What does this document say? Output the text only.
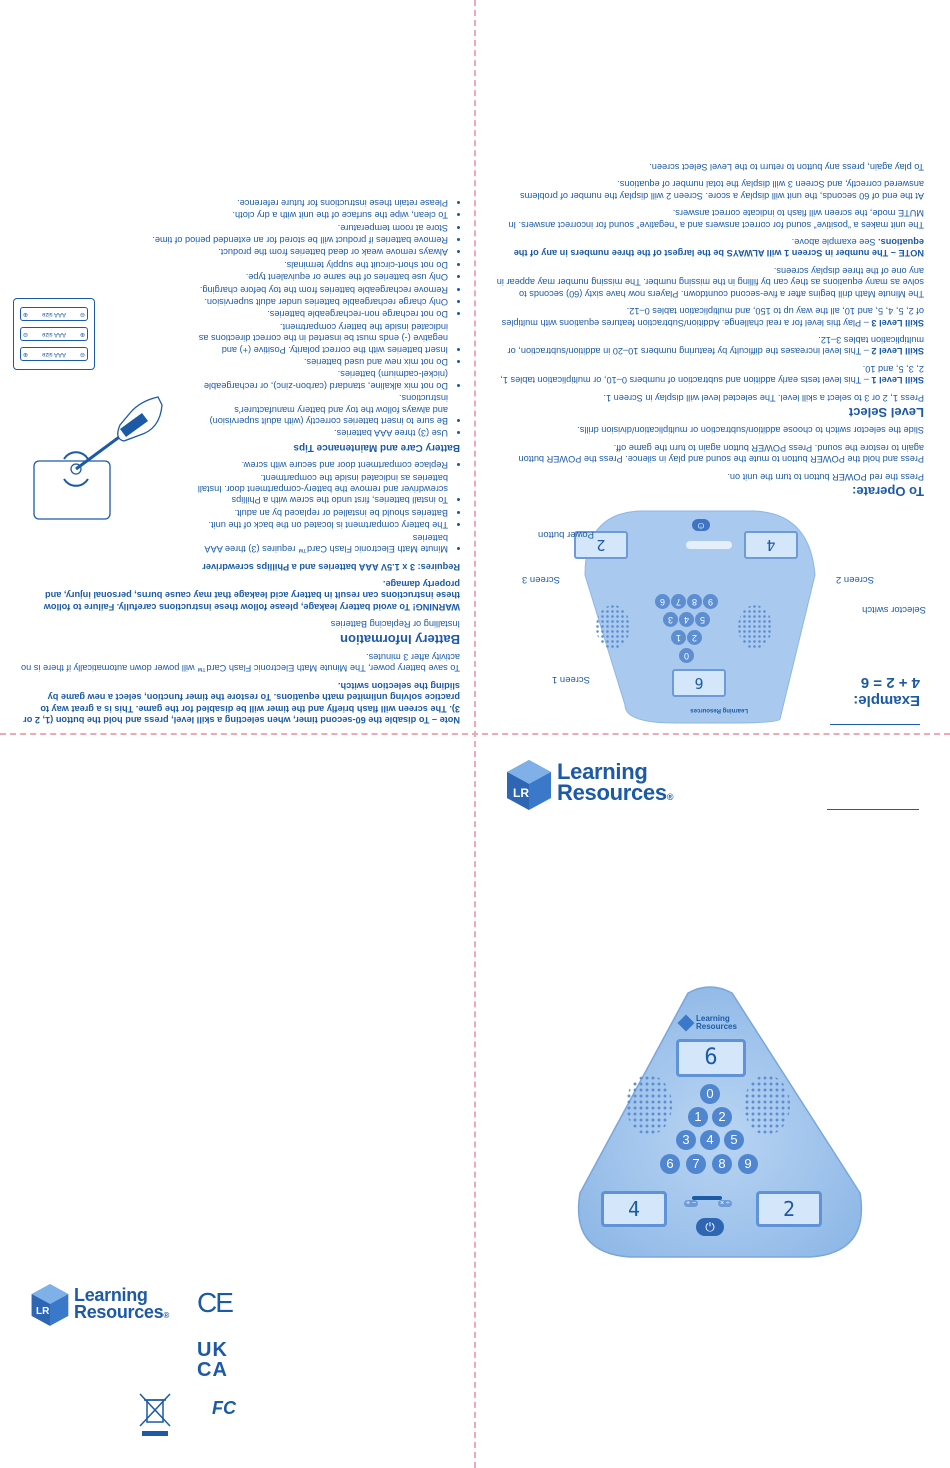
Example:
4 + 2 = 6
Learning Resources
6
0
2
1
5
4
3
9
8
7
6
4
2
⏻
Screen 1
Selector switch
Screen 3	Screen 2
Power button
To Operate:

Press the red POWER button to turn the unit on.

Press and hold the POWER button to mute the sound and play in silence. Press the POWER button again to restore the sound. Press POWER button again to turn the game off.

Slide the selector switch to choose addition/subtraction or multiplication/division drills.

Level Select

Press 1, 2 or 3 to select a skill level. The selected level will display in Screen 1.

Skill Level 1 – This level tests early addition and subtraction of numbers 0–10, or multiplication tables 1, 2, 3, 5, and 10.

Skill Level 2 – This level increases the difficulty by featuring numbers 10–20 in addition/subtraction, or multiplication tables 3–12.

Skill Level 3 – Play this level for a real challenge. Addition/Subtraction features equations with multiples of 2, 5, 4, 5, and 10, all the way up to 150, and multiplication tables 0–12.

The Minute Math drill begins after a five-second countdown. Players now have sixty (60) seconds to solve as many equations as they can by filling in the missing number. The missing number may appear in any one of the three display screens.

NOTE – The number in Screen 1 will ALWAYS be the largest of the three numbers in any of the equations. See example above.

The unit makes a “positive” sound for correct answers and a “negative” sound for incorrect answers. In MUTE mode, the screen will flash to indicate correct answers.

At the end of 60 seconds, the unit will display a score. Screen 2 will display the number of problems answered correctly, and Screen 3 will display the total number of equations.

To play again, press any button to return to the Level Select screen.

Note – To disable the 60-second timer, when selecting a skill level, press and hold the button (1, 2 or 3). The screen will flash briefly and the timer will be disabled for the game. This is a great way to practice solving unlimited math equations. To restore the timer function, select a new game by sliding the selection switch.

To save battery power, The Minute Math Electronic Flash Card™ will power down automatically if there is no activity after 3 minutes.

Battery Information

Installing or Replacing Batteries

WARNING! To avoid battery leakage, please follow these instructions carefully. Failure to follow these instructions can result in battery acid leakage that may cause burns, personal injury, and property damage.

Requires: 3 x 1.5V AAA batteries and a Phillips screwdriver

• Minute Math Electronic Flash Card™ requires (3) three AAA batteries
• The battery compartment is located on the back of the unit.
• Batteries should be installed or replaced by an adult.
• To install batteries, first undo the screw with a Phillips screwdriver and remove the battery-compartment door. Install batteries as indicated inside the compartment.
• Replace compartment door and secure with screw.
Battery Care and Maintenance Tips
• Use (3) three AAA batteries.
• Be sure to insert batteries correctly (with adult supervision) and always follow the toy and battery manufacturer's instructions.
• Do not mix alkaline, standard (carbon-zinc), or rechargeable (nickel-cadmium) batteries.
• Do not mix new and used batteries.
• Insert batteries with the correct polarity. Positive (+) and negative (-) ends must be inserted in the correct directions as indicated inside the battery compartment.
• Do not recharge non-rechargeable batteries.
• Only charge rechargeable batteries under adult supervision.
• Remove rechargeable batteries from the toy before charging.
• Only use batteries of the same or equivalent type.
• Do not short-circuit the supply terminals.
• Always remove weak or dead batteries from the product.
• Remove batteries if product will be stored for an extended period of time.
• Store at room temperature.
• To clean, wipe the surface of the unit with a dry cloth.
• Please retain these instructions for future reference.
⊖
AAA size
⊕
⊕
AAA size
⊖
⊖
AAA size
⊕
LR
Learning
Resources®
Learning
Resources
6
0
1	2
3	4	5
6	7	8	9
4	2
+ −	× ÷
⏻
LR
Learning
Resources® CE
UK
CA
FC
